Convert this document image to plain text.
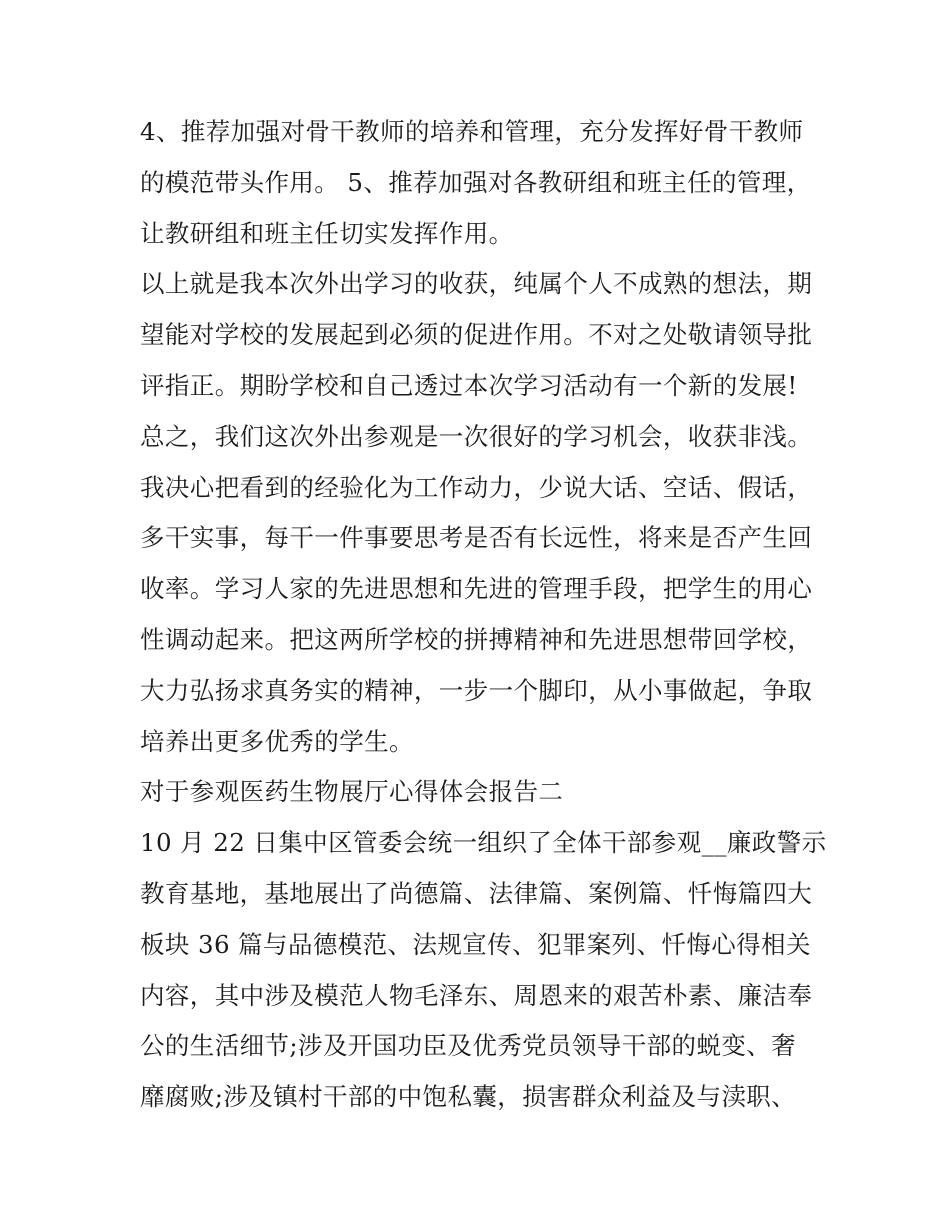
4、推荐加强对骨干教师的培养和管理，充分发挥好骨干教师
的模范带头作用。 5、推荐加强对各教研组和班主任的管理，
让教研组和班主任切实发挥作用。
以上就是我本次外出学习的收获，纯属个人不成熟的想法，期
望能对学校的发展起到必须的促进作用。不对之处敬请领导批
评指正。期盼学校和自己透过本次学习活动有一个新的发展!
总之，我们这次外出参观是一次很好的学习机会，收获非浅。
我决心把看到的经验化为工作动力，少说大话、空话、假话，
多干实事，每干一件事要思考是否有长远性，将来是否产生回
收率。学习人家的先进思想和先进的管理手段，把学生的用心
性调动起来。把这两所学校的拼搏精神和先进思想带回学校，
大力弘扬求真务实的精神，一步一个脚印，从小事做起，争取
培养出更多优秀的学生。
对于参观医药生物展厅心得体会报告二
10 月 22 日集中区管委会统一组织了全体干部参观__廉政警示
教育基地，基地展出了尚德篇、法律篇、案例篇、忏悔篇四大
板块 36 篇与品德模范、法规宣传、犯罪案列、忏悔心得相关
内容，其中涉及模范人物毛泽东、周恩来的艰苦朴素、廉洁奉
公的生活细节;涉及开国功臣及优秀党员领导干部的蜕变、奢
靡腐败;涉及镇村干部的中饱私囊，损害群众利益及与渎职、
